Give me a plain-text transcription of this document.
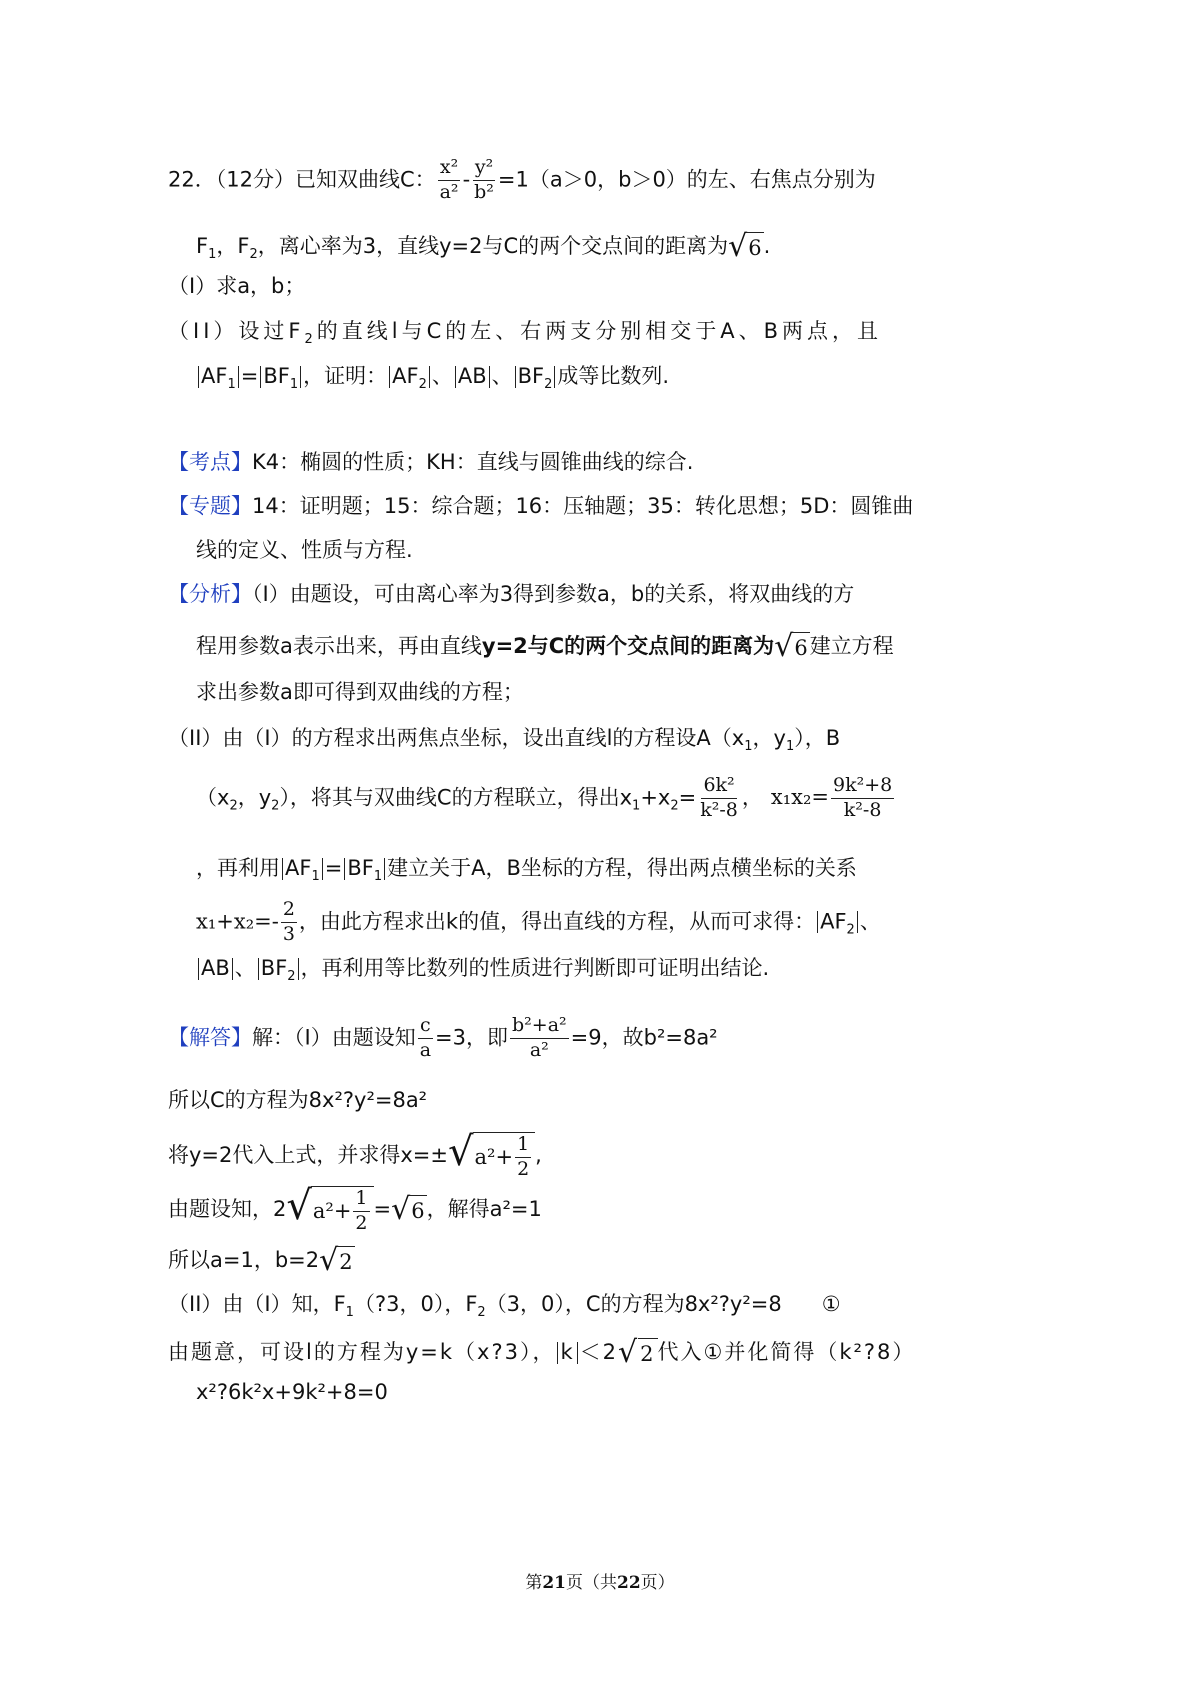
22．（12分）已知双曲线C： $\frac{\text{x²}}{\text{a²}} - \frac{\text{y²}}{\text{b²}} =1(a>0$，b＞0）的左、右焦点分别为
$F_1$，$F_2$，离心率为3，直线y=2与C的两个交点间的距离为 √ 6 .
（I）求a，b；
（II）设过$F_2$的直线l与C的左、右两支分别相交于A、B两点，且
$AF_1 = BF_1$ ，证明： $AF_2$ 、 AB 、 $BF_2$ 成等比数列.
【考点】K4：椭圆的性质；KH：直线与圆锥曲线的综合.
【专题】14：证明题；15：综合题；16：压轴题；35：转化思想；5D：圆锥曲
线的定义、性质与方程.
【分析】（I）由题设，可由离心率为3得到参数a，b的关系，将双曲线的方
程用参数a表示出来，再由直线y=2与C的两个交点间的距离为 √ 6 建立方程
求出参数a即可得到双曲线的方程；
（II）由（I）的方程求出两焦点坐标，设出直线l的方程设$A(x_1$，$y_1$），B
（$x_2$，$y_2$），将其与双曲线C的方程联立，得出$x_1+x_2= \frac{\text{6k²}}{\text{k²-8}}$ ， $x_1x_2= \frac{\text{9k²+8}}{\text{k²-8}}$
，再利用 $AF_1 = BF_1$ 建立关于A，B坐标的方程，得出两点横坐标的关系
$x_1+x_2=- \frac{2}{3}$ ，由此方程求出k的值，得出直线的方程，从而可求得： $AF_2$ 、
AB 、 $BF_2$ ，再利用等比数列的性质进行判断即可证明出结论.
【解答】解：（I）由题设知 $\frac{c}{a} =3$，即 $\frac{\text{b²+a²}}{\text{a²}} =9$，故b²=8a²
所以C的方程为8x²?y²=8a²
将y=2代入上式，并求得x=± √ $a^2+ \frac{1}{2}$ ,
由题设知，2 √ $a^2+ \frac{1}{2}$ = √ 6 ，解得a²=1
所以a=1，b=2 √ 2
（II）由（I）知，$F_1(?3$，0），$F_2(3$，0），C的方程为8x²?y²=8 ①
由题意，可设l的方程为y=k（x?3）， k ＜2 √ 2 代入①并化简得（k²?8）
x²?6k²x+9k²+8=0
第21页（共22页）
